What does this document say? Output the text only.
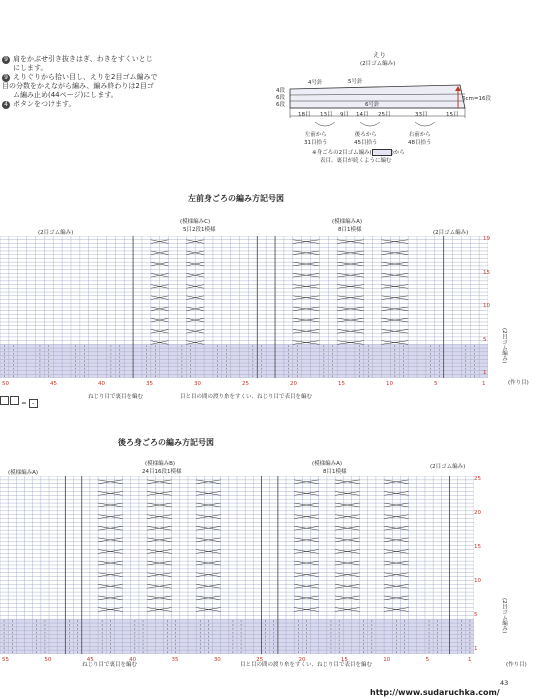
9 肩をかぶせ引き抜きはぎ、わきをすくいとじ
にします。
9 えりぐりから拾い目し、えりを2目ゴム編みで
目の分数をかえながら編み、編み終わりは2目ゴ
ム編み止め(44ページ)にします。
4 ボタンをつけます。
えり
(2目ゴム編み)
4号針	5号針
6号針
4段
6段
6段
6cm=16段
18目 13目 9目 14目 25目	33目	15目
左前から
31目拾う
後ろから
45目拾う
右前から
48目拾う
※身ごろの2目ゴム編み(	)から
表目、裏目が続くように編む
左前身ごろの編み方記号図
(2目ゴム編み)
(模様編みC)
5目2段1模様
(模様編みA)
8目1模様	(2目ゴム編み)
50	45	40	35	30	25	20	15	10	5	1
19
15
10
5
1
(2目ゴム編み)
(作り目)
ねじり目で裏目を編む	目と目の間の渡り糸をすくい、ねじり目で表目を編む
= -
後ろ身ごろの編み方記号図
(模様編みA)
(模様編みB)
24目16段1模様
(模様編みA)
8目1模様
(2目ゴム編み)
55	50	45	40	35	30	25	20	15	10	5	1
25
20
15
10
5
1
(2目ゴム編み)
(作り目)
ねじり目で裏目を編む	目と目の間の渡り糸をすくい、ねじり目で表目を編む
43
http://www.sudaruchka.com/
